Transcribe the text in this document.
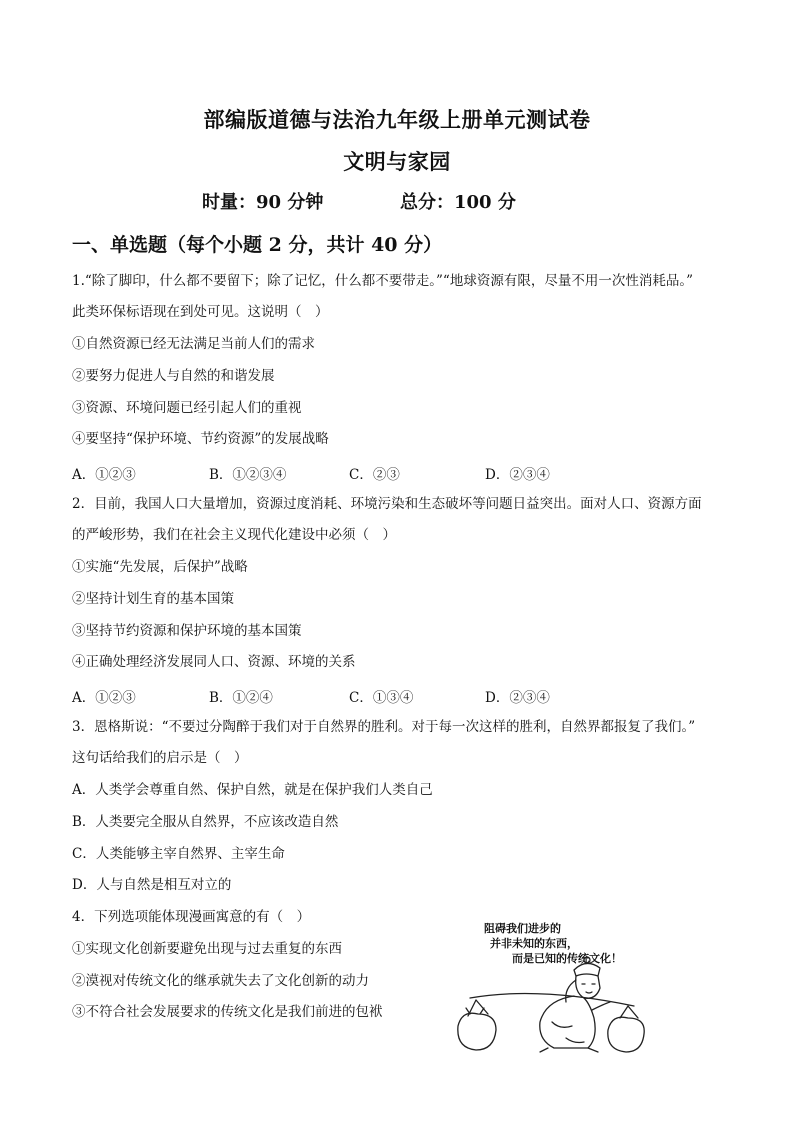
部编版道德与法治九年级上册单元测试卷
文明与家园
时量：90 分钟	总分：100 分
一、单选题（每个小题 2 分，共计 40 分）
1.“除了脚印，什么都不要留下；除了记忆，什么都不要带走。”“地球资源有限，尽量不用一次性消耗品。”
此类环保标语现在到处可见。这说明（　）
①自然资源已经无法满足当前人们的需求
②要努力促进人与自然的和谐发展
③资源、环境问题已经引起人们的重视
④要坚持“保护环境、节约资源”的发展战略
A．①②③	B．①②③④	C．②③	D．②③④
2．目前，我国人口大量增加，资源过度消耗、环境污染和生态破坏等问题日益突出。面对人口、资源方面
的严峻形势，我们在社会主义现代化建设中必须（　）
①实施“先发展，后保护”战略
②坚持计划生育的基本国策
③坚持节约资源和保护环境的基本国策
④正确处理经济发展同人口、资源、环境的关系
A．①②③	B．①②④	C．①③④	D．②③④
3．恩格斯说：“不要过分陶醉于我们对于自然界的胜利。对于每一次这样的胜利，自然界都报复了我们。”
这句话给我们的启示是（　）
A．人类学会尊重自然、保护自然，就是在保护我们人类自己
B．人类要完全服从自然界，不应该改造自然
C．人类能够主宰自然界、主宰生命
D．人与自然是相互对立的
4．下列选项能体现漫画寓意的有（　）
①实现文化创新要避免出现与过去重复的东西
②漠视对传统文化的继承就失去了文化创新的动力
③不符合社会发展要求的传统文化是我们前进的包袱
阻碍我们进步的
并非未知的东西，
而是已知的传统文化！
